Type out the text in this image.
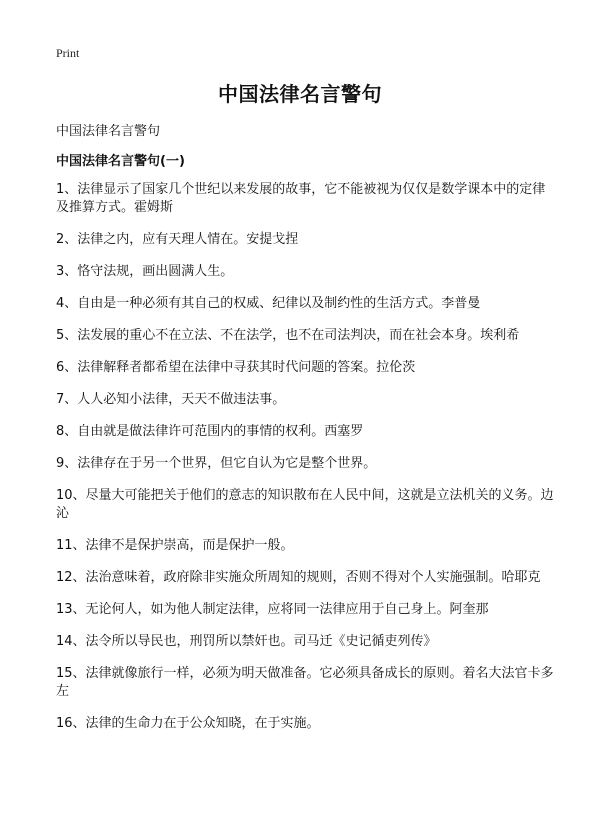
Print
中国法律名言警句
中国法律名言警句
中国法律名言警句(一)
1、法律显示了国家几个世纪以来发展的故事，它不能被视为仅仅是数学课本中的定律及推算方式。霍姆斯
2、法律之内，应有天理人情在。安提戈捏
3、恪守法规，画出圆满人生。
4、自由是一种必须有其自己的权威、纪律以及制约性的生活方式。李普曼
5、法发展的重心不在立法、不在法学，也不在司法判决，而在社会本身。埃利希
6、法律解释者都希望在法律中寻获其时代问题的答案。拉伦茨
7、人人必知小法律，天天不做违法事。
8、自由就是做法律许可范围内的事情的权利。西塞罗
9、法律存在于另一个世界，但它自认为它是整个世界。
10、尽量大可能把关于他们的意志的知识散布在人民中间，这就是立法机关的义务。边沁
11、法律不是保护崇高，而是保护一般。
12、法治意味着，政府除非实施众所周知的规则，否则不得对个人实施强制。哈耶克
13、无论何人，如为他人制定法律，应将同一法律应用于自己身上。阿奎那
14、法令所以导民也，刑罚所以禁奸也。司马迁《史记循吏列传》
15、法律就像旅行一样，必须为明天做准备。它必须具备成长的原则。着名大法官卡多左
16、法律的生命力在于公众知晓，在于实施。
